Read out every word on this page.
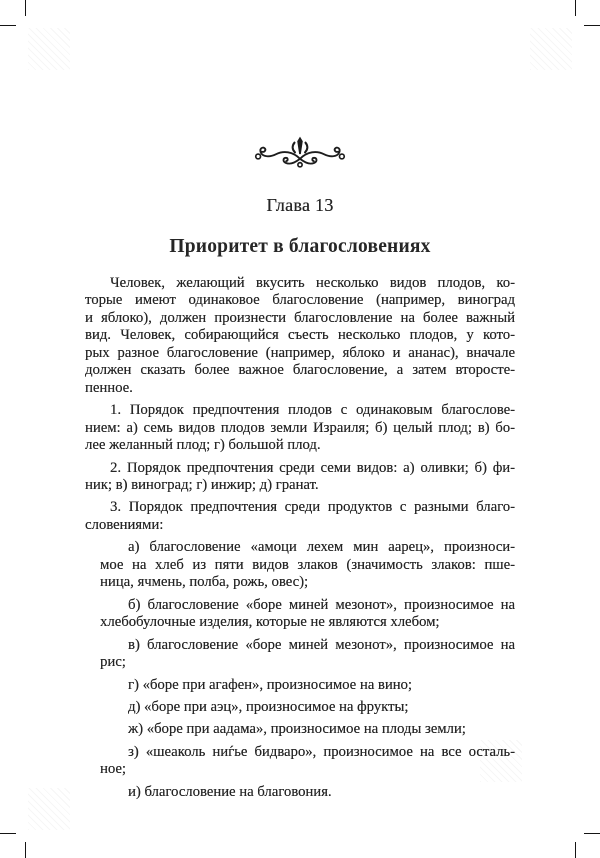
Глава 13
Приоритет в благословениях

Человек, желающий вкусить несколько видов плодов, ко-
торые имеют одинаковое благословение (например, виноград
и яблоко), должен произнести благословление на более важный
вид. Человек, собирающийся съесть несколько плодов, у кото-
рых разное благословение (например, яблоко и ананас), вначале
должен сказать более важное благословение, а затем второсте-
пенное.

1. Порядок предпочтения плодов с одинаковым благослове-
нием: а) семь видов плодов земли Израиля; б) целый плод; в) бо-
лее желанный плод; г) большой плод.

2. Порядок предпочтения среди семи видов: а) оливки; б) фи-
ник; в) виноград; г) инжир; д) гранат.

3. Порядок предпочтения среди продуктов с разными благо-
словениями:

а) благословение «амоци лехем мин аарец», произноси-
мое на хлеб из пяти видов злаков (значимость злаков: пше-
ница, ячмень, полба, рожь, овес);

б) благословение «боре миней мезонот», произносимое на
хлебобулочные изделия, которые не являются хлебом;

в) благословение «боре миней мезонот», произносимое на
рис;

г) «боре при агафен», произносимое на вино;

д) «боре при аэц», произносимое на фрукты;

ж) «боре при аадама», произносимое на плоды земли;

з) «шеаколь ниѓье бидваро», произносимое на все осталь-
ное;

и) благословение на благовония.
